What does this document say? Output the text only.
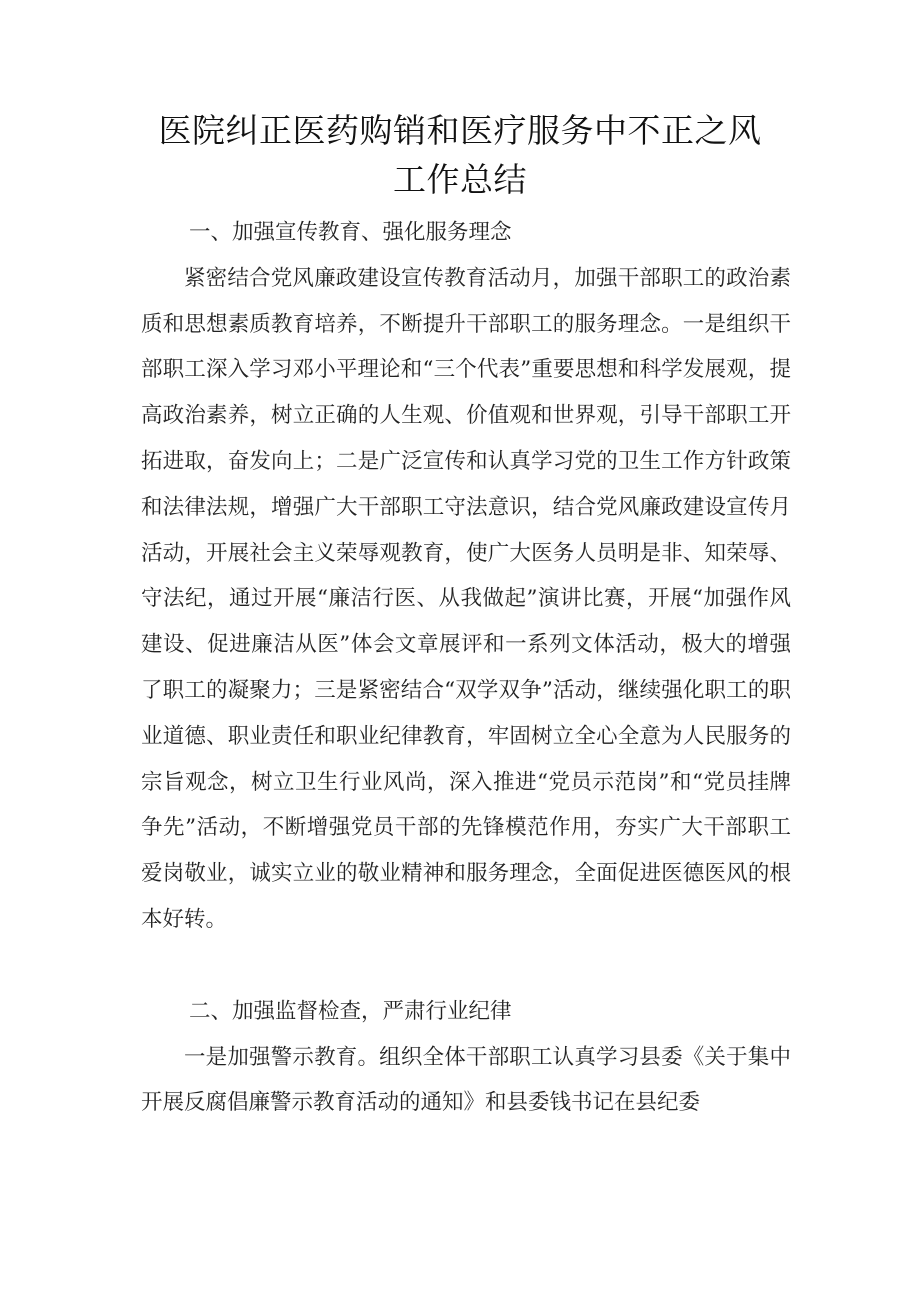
医院纠正医药购销和医疗服务中不正之风
工作总结

一、加强宣传教育、强化服务理念

紧密结合党风廉政建设宣传教育活动月，加强干部职工的政治素质和思想素质教育培养，不断提升干部职工的服务理念。一是组织干部职工深入学习邓小平理论和“三个代表”重要思想和科学发展观，提高政治素养，树立正确的人生观、价值观和世界观，引导干部职工开拓进取，奋发向上；二是广泛宣传和认真学习党的卫生工作方针政策和法律法规，增强广大干部职工守法意识，结合党风廉政建设宣传月活动，开展社会主义荣辱观教育，使广大医务人员明是非、知荣辱、守法纪，通过开展“廉洁行医、从我做起”演讲比赛，开展“加强作风建设、促进廉洁从医”体会文章展评和一系列文体活动，极大的增强了职工的凝聚力；三是紧密结合“双学双争”活动，继续强化职工的职业道德、职业责任和职业纪律教育，牢固树立全心全意为人民服务的宗旨观念，树立卫生行业风尚，深入推进“党员示范岗”和“党员挂牌争先”活动，不断增强党员干部的先锋模范作用，夯实广大干部职工爱岗敬业，诚实立业的敬业精神和服务理念，全面促进医德医风的根本好转。

二、加强监督检查，严肃行业纪律

一是加强警示教育。组织全体干部职工认真学习县委《关于集中开展反腐倡廉警示教育活动的通知》和县委钱书记在县纪委
